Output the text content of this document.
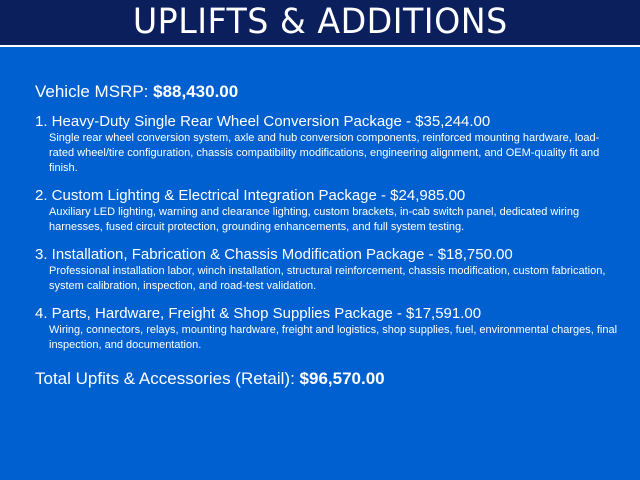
UPLIFTS & ADDITIONS
Vehicle MSRP: $88,430.00

1. Heavy-Duty Single Rear Wheel Conversion Package - $35,244.00

Single rear wheel conversion system, axle and hub conversion components, reinforced mounting hardware, load-rated wheel/tire configuration, chassis compatibility modifications, engineering alignment, and OEM-quality fit and finish.

2. Custom Lighting & Electrical Integration Package - $24,985.00

Auxiliary LED lighting, warning and clearance lighting, custom brackets, in-cab switch panel, dedicated wiring harnesses, fused circuit protection, grounding enhancements, and full system testing.

3. Installation, Fabrication & Chassis Modification Package - $18,750.00

Professional installation labor, winch installation, structural reinforcement, chassis modification, custom fabrication, system calibration, inspection, and road-test validation.

4. Parts, Hardware, Freight & Shop Supplies Package - $17,591.00

Wiring, connectors, relays, mounting hardware, freight and logistics, shop supplies, fuel, environmental charges, final inspection, and documentation.

Total Upfits & Accessories (Retail): $96,570.00
